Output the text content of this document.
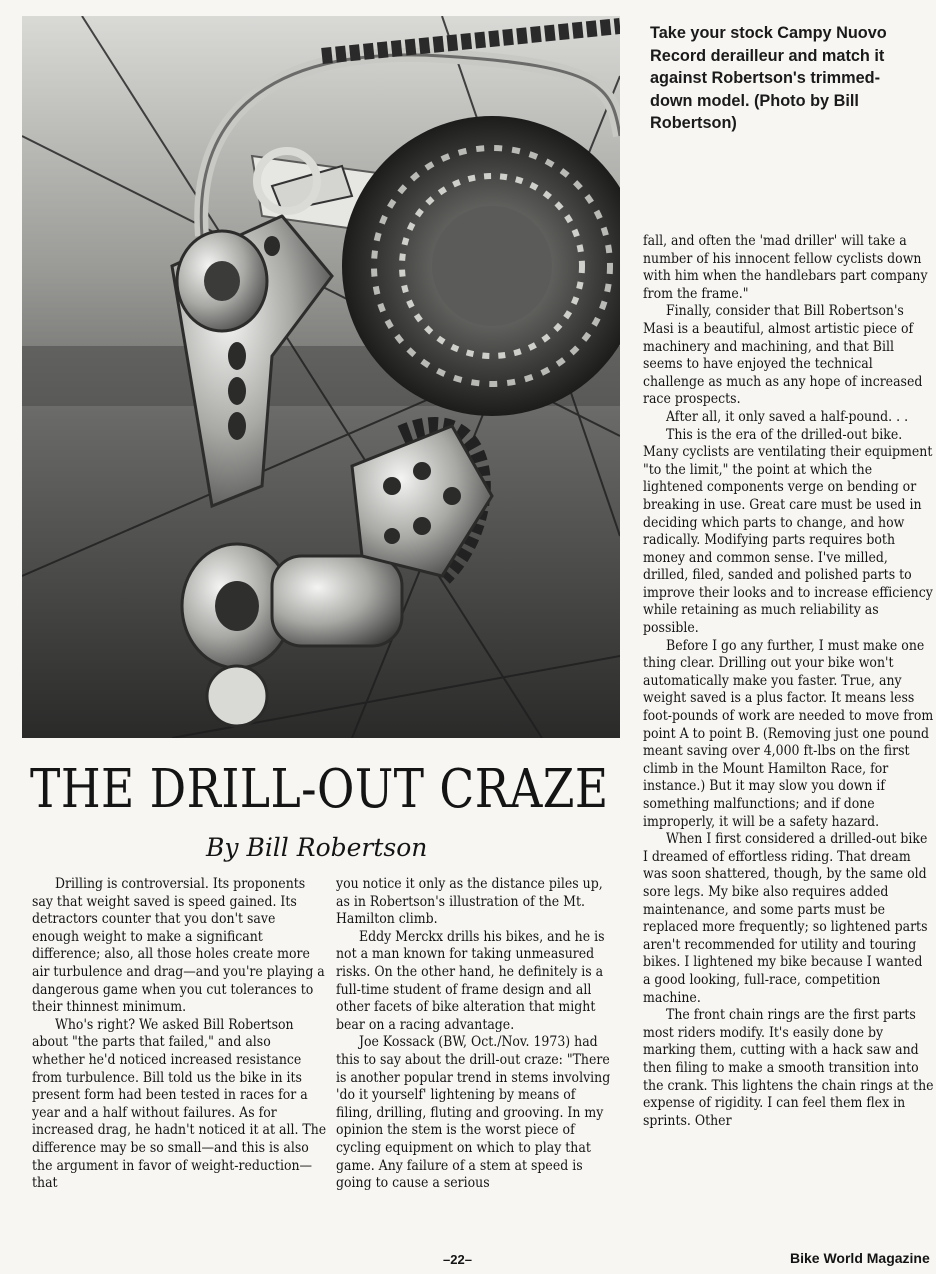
Take your stock Campy Nuovo Record derailleur and match it against Robertson's trimmed-down model. (Photo by Bill Robertson)

THE DRILL-OUT CRAZE

By Bill Robertson

Drilling is controversial. Its proponents say that weight saved is speed gained. Its detractors counter that you don't save enough weight to make a significant difference; also, all those holes create more air turbulence and drag—and you're playing a dangerous game when you cut tolerances to their thinnest minimum.

Who's right? We asked Bill Robertson about "the parts that failed," and also whether he'd noticed increased resistance from turbulence. Bill told us the bike in its present form had been tested in races for a year and a half without failures. As for increased drag, he hadn't noticed it at all. The difference may be so small—and this is also the argument in favor of weight-reduction—that

you notice it only as the distance piles up, as in Robertson's illustration of the Mt. Hamilton climb.

Eddy Merckx drills his bikes, and he is not a man known for taking unmeasured risks. On the other hand, he definitely is a full-time student of frame design and all other facets of bike alteration that might bear on a racing advantage.

Joe Kossack (BW, Oct./Nov. 1973) had this to say about the drill-out craze: "There is another popular trend in stems involving 'do it yourself' lightening by means of filing, drilling, fluting and grooving. In my opinion the stem is the worst piece of cycling equipment on which to play that game. Any failure of a stem at speed is going to cause a serious

fall, and often the 'mad driller' will take a number of his innocent fellow cyclists down with him when the handlebars part company from the frame."

Finally, consider that Bill Robertson's Masi is a beautiful, almost artistic piece of machinery and machining, and that Bill seems to have enjoyed the technical challenge as much as any hope of increased race prospects.

After all, it only saved a half-pound. . .

This is the era of the drilled-out bike. Many cyclists are ventilating their equipment "to the limit," the point at which the lightened components verge on bending or breaking in use. Great care must be used in deciding which parts to change, and how radically. Modifying parts requires both money and common sense. I've milled, drilled, filed, sanded and polished parts to improve their looks and to increase efficiency while retaining as much reliability as possible.

Before I go any further, I must make one thing clear. Drilling out your bike won't automatically make you faster. True, any weight saved is a plus factor. It means less foot-pounds of work are needed to move from point A to point B. (Removing just one pound meant saving over 4,000 ft-lbs on the first climb in the Mount Hamilton Race, for instance.) But it may slow you down if something malfunctions; and if done improperly, it will be a safety hazard.

When I first considered a drilled-out bike I dreamed of effortless riding. That dream was soon shattered, though, by the same old sore legs. My bike also requires added maintenance, and some parts must be replaced more frequently; so lightened parts aren't recommended for utility and touring bikes. I lightened my bike because I wanted a good looking, full-race, competition machine.

The front chain rings are the first parts most riders modify. It's easily done by marking them, cutting with a hack saw and then filing to make a smooth transition into the crank. This lightens the chain rings at the expense of rigidity. I can feel them flex in sprints. Other

–22–	Bike World Magazine
